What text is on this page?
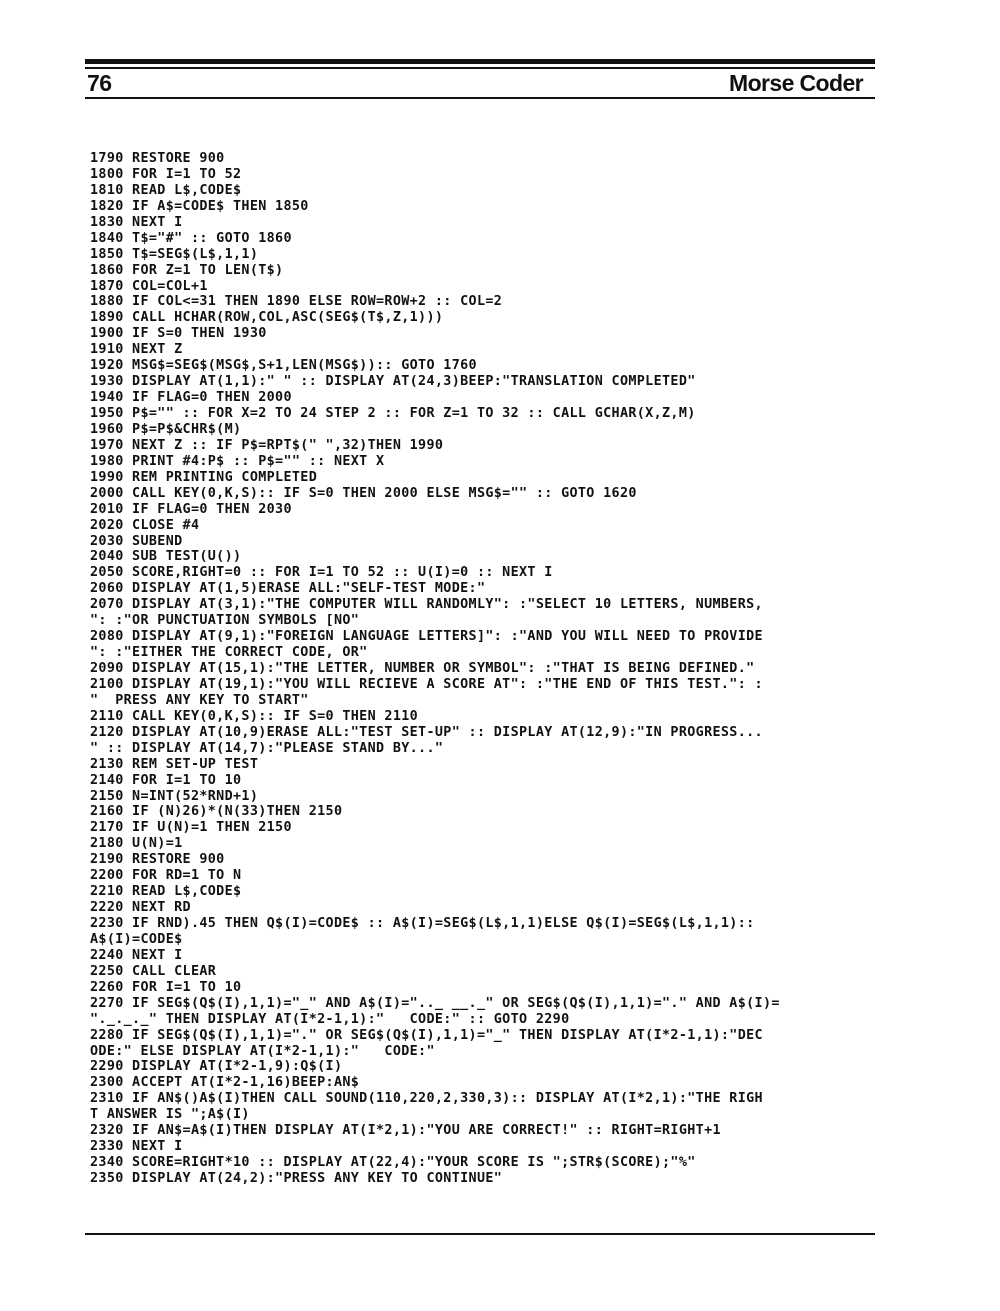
76	Morse Coder
1790 RESTORE 900
1800 FOR I=1 TO 52
1810 READ L$,CODE$
1820 IF A$=CODE$ THEN 1850
1830 NEXT I
1840 T$="#" :: GOTO 1860
1850 T$=SEG$(L$,1,1)
1860 FOR Z=1 TO LEN(T$)
1870 COL=COL+1
1880 IF COL<=31 THEN 1890 ELSE ROW=ROW+2 :: COL=2
1890 CALL HCHAR(ROW,COL,ASC(SEG$(T$,Z,1)))
1900 IF S=0 THEN 1930
1910 NEXT Z
1920 MSG$=SEG$(MSG$,S+1,LEN(MSG$)):: GOTO 1760
1930 DISPLAY AT(1,1):" " :: DISPLAY AT(24,3)BEEP:"TRANSLATION COMPLETED"
1940 IF FLAG=0 THEN 2000
1950 P$="" :: FOR X=2 TO 24 STEP 2 :: FOR Z=1 TO 32 :: CALL GCHAR(X,Z,M)
1960 P$=P$&CHR$(M)
1970 NEXT Z :: IF P$=RPT$(" ",32)THEN 1990
1980 PRINT #4:P$ :: P$="" :: NEXT X
1990 REM PRINTING COMPLETED
2000 CALL KEY(0,K,S):: IF S=0 THEN 2000 ELSE MSG$="" :: GOTO 1620
2010 IF FLAG=0 THEN 2030
2020 CLOSE #4
2030 SUBEND
2040 SUB TEST(U())
2050 SCORE,RIGHT=0 :: FOR I=1 TO 52 :: U(I)=0 :: NEXT I
2060 DISPLAY AT(1,5)ERASE ALL:"SELF-TEST MODE:"
2070 DISPLAY AT(3,1):"THE COMPUTER WILL RANDOMLY": :"SELECT 10 LETTERS, NUMBERS,
": :"OR PUNCTUATION SYMBOLS [NO"
2080 DISPLAY AT(9,1):"FOREIGN LANGUAGE LETTERS]": :"AND YOU WILL NEED TO PROVIDE
": :"EITHER THE CORRECT CODE, OR"
2090 DISPLAY AT(15,1):"THE LETTER, NUMBER OR SYMBOL": :"THAT IS BEING DEFINED."
2100 DISPLAY AT(19,1):"YOU WILL RECIEVE A SCORE AT": :"THE END OF THIS TEST.": :
"  PRESS ANY KEY TO START"
2110 CALL KEY(0,K,S):: IF S=0 THEN 2110
2120 DISPLAY AT(10,9)ERASE ALL:"TEST SET-UP" :: DISPLAY AT(12,9):"IN PROGRESS...
" :: DISPLAY AT(14,7):"PLEASE STAND BY..."
2130 REM SET-UP TEST
2140 FOR I=1 TO 10
2150 N=INT(52*RND+1)
2160 IF (N)26)*(N(33)THEN 2150
2170 IF U(N)=1 THEN 2150
2180 U(N)=1
2190 RESTORE 900
2200 FOR RD=1 TO N
2210 READ L$,CODE$
2220 NEXT RD
2230 IF RND).45 THEN Q$(I)=CODE$ :: A$(I)=SEG$(L$,1,1)ELSE Q$(I)=SEG$(L$,1,1)::
A$(I)=CODE$
2240 NEXT I
2250 CALL CLEAR
2260 FOR I=1 TO 10
2270 IF SEG$(Q$(I),1,1)="_" AND A$(I)=".._ __._" OR SEG$(Q$(I),1,1)="." AND A$(I)=
"._._._" THEN DISPLAY AT(I*2-1,1):"   CODE:" :: GOTO 2290
2280 IF SEG$(Q$(I),1,1)="." OR SEG$(Q$(I),1,1)="_" THEN DISPLAY AT(I*2-1,1):"DEC
ODE:" ELSE DISPLAY AT(I*2-1,1):"   CODE:"
2290 DISPLAY AT(I*2-1,9):Q$(I)
2300 ACCEPT AT(I*2-1,16)BEEP:AN$
2310 IF AN$()A$(I)THEN CALL SOUND(110,220,2,330,3):: DISPLAY AT(I*2,1):"THE RIGH
T ANSWER IS ";A$(I)
2320 IF AN$=A$(I)THEN DISPLAY AT(I*2,1):"YOU ARE CORRECT!" :: RIGHT=RIGHT+1
2330 NEXT I
2340 SCORE=RIGHT*10 :: DISPLAY AT(22,4):"YOUR SCORE IS ";STR$(SCORE);"%"
2350 DISPLAY AT(24,2):"PRESS ANY KEY TO CONTINUE"
